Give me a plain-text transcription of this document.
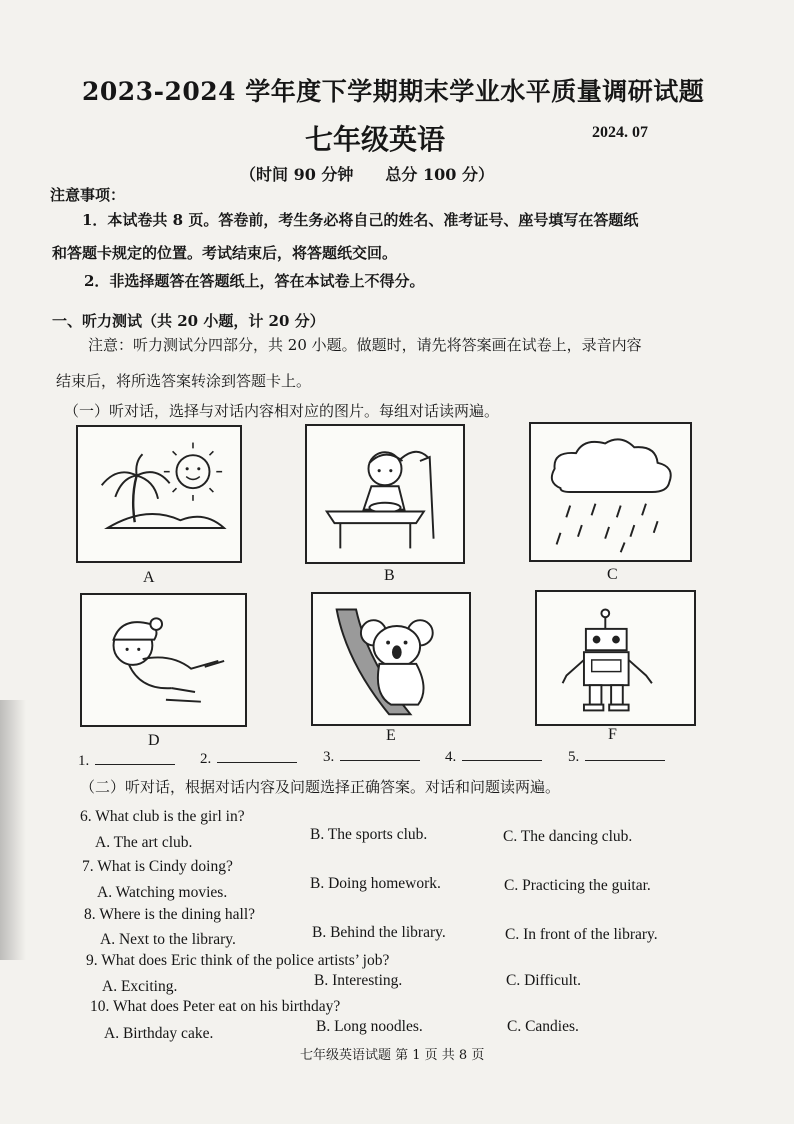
2023-2024 学年度下学期期末学业水平质量调研试题
七年级英语	2024. 07
（时间 90 分钟　　总分 100 分）
注意事项：
1．本试卷共 8 页。答卷前，考生务必将自己的姓名、准考证号、座号填写在答题纸
和答题卡规定的位置。考试结束后，将答题纸交回。
2．非选择题答在答题纸上，答在本试卷上不得分。
一、听力测试（共 20 小题，计 20 分）
注意：听力测试分四部分，共 20 小题。做题时，请先将答案画在试卷上，录音内容
结束后，将所选答案转涂到答题卡上。
（一）听对话，选择与对话内容相对应的图片。每组对话读两遍。
A	B	C
D	E	F
1.	2.	3.	4.	5.
（二）听对话，根据对话内容及问题选择正确答案。对话和问题读两遍。
6. What club is the girl in?
A. The art club.	B. The sports club.	C. The dancing club.
7. What is Cindy doing?
A. Watching movies.
B. Doing homework.	C. Practicing the guitar.
8. Where is the dining hall?
A. Next to the library.	B. Behind the library.	C. In front of the library.
9. What does Eric think of the police artists’ job?
A. Exciting.	B. Interesting.	C. Difficult.
10. What does Peter eat on his birthday?
A. Birthday cake.	B. Long noodles.	C. Candies.
七年级英语试题 第 1 页 共 8 页
